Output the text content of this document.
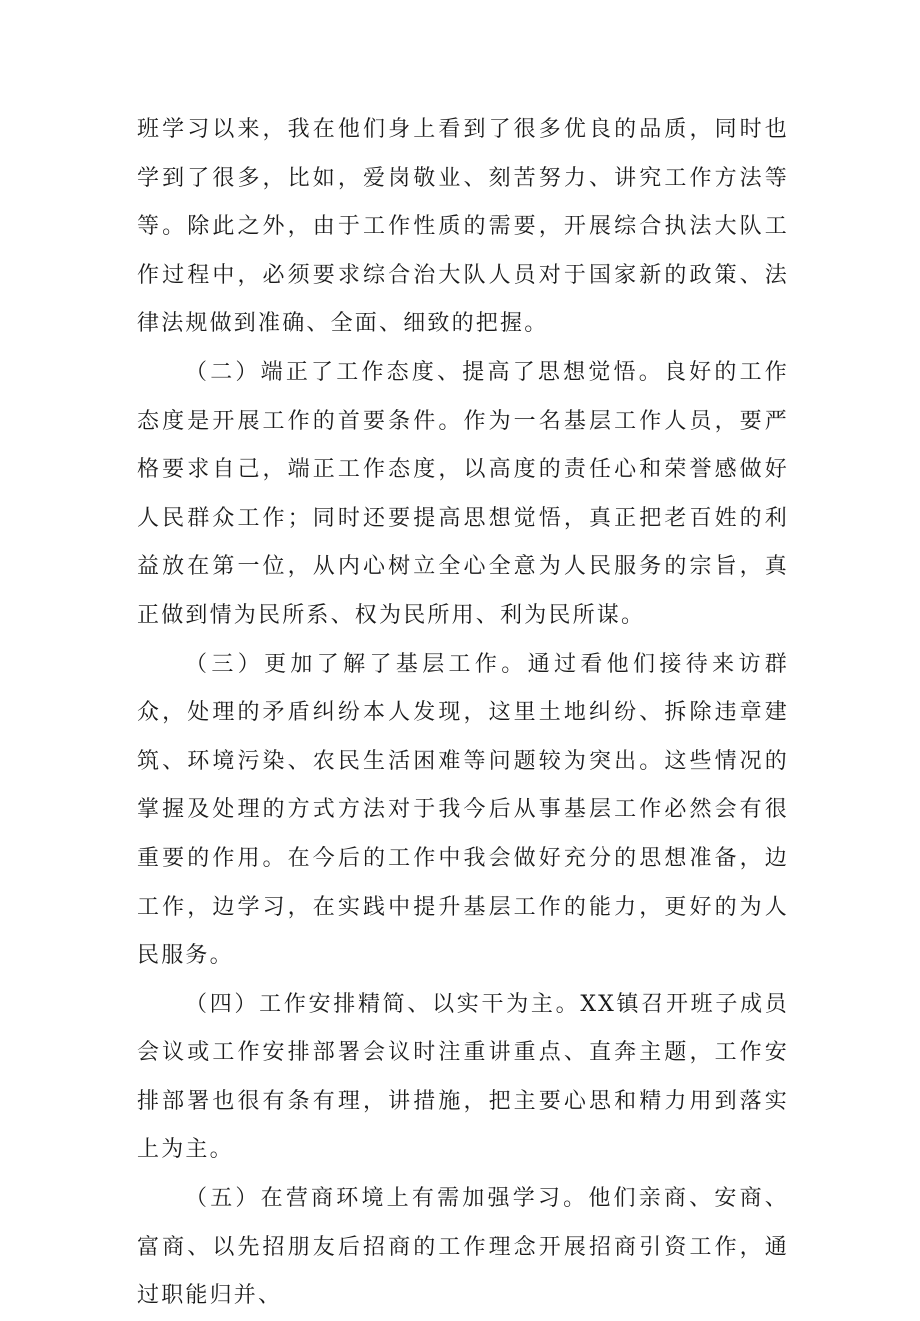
班学习以来，我在他们身上看到了很多优良的品质，同时也学到了很多，比如，爱岗敬业、刻苦努力、讲究工作方法等等。除此之外，由于工作性质的需要，开展综合执法大队工作过程中，必须要求综合治大队人员对于国家新的政策、法律法规做到准确、全面、细致的把握。

（二）端正了工作态度、提高了思想觉悟。良好的工作态度是开展工作的首要条件。作为一名基层工作人员，要严格要求自己，端正工作态度，以高度的责任心和荣誉感做好人民群众工作；同时还要提高思想觉悟，真正把老百姓的利益放在第一位，从内心树立全心全意为人民服务的宗旨，真正做到情为民所系、权为民所用、利为民所谋。

（三）更加了解了基层工作。通过看他们接待来访群众，处理的矛盾纠纷本人发现，这里土地纠纷、拆除违章建筑、环境污染、农民生活困难等问题较为突出。这些情况的掌握及处理的方式方法对于我今后从事基层工作必然会有很重要的作用。在今后的工作中我会做好充分的思想准备，边工作，边学习，在实践中提升基层工作的能力，更好的为人民服务。

（四）工作安排精简、以实干为主。XX镇召开班子成员会议或工作安排部署会议时注重讲重点、直奔主题，工作安排部署也很有条有理，讲措施，把主要心思和精力用到落实上为主。

（五）在营商环境上有需加强学习。他们亲商、安商、富商、以先招朋友后招商的工作理念开展招商引资工作，通过职能归并、
